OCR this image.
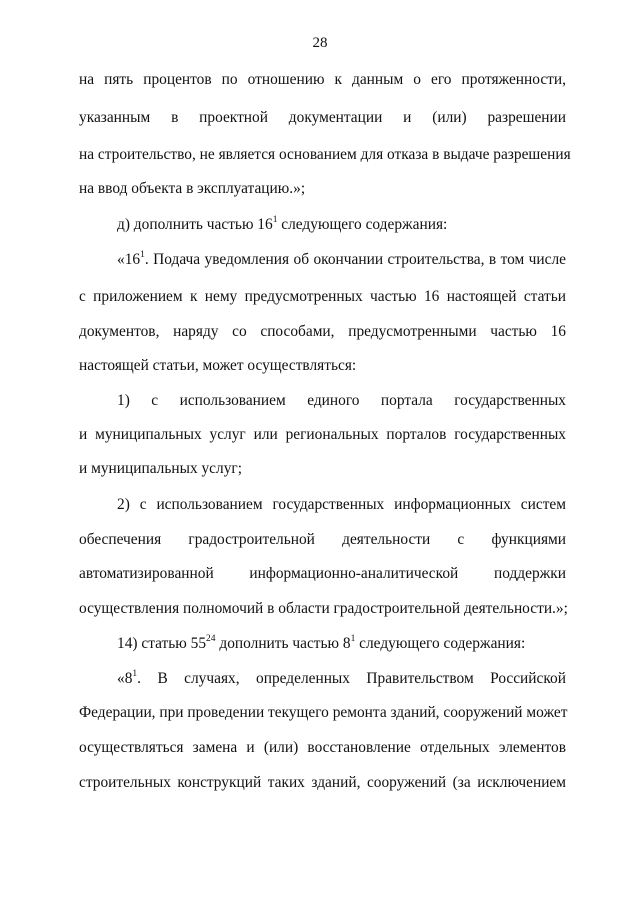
28
на пять процентов по отношению к данным о его протяженности,
указанным в проектной документации и (или) разрешении
на строительство, не является основанием для отказа в выдаче разрешения
на ввод объекта в эксплуатацию.»;
д) дополнить частью $16^1$ следующего содержания:
«$16^1$. Подача уведомления об окончании строительства, в том числе
с приложением к нему предусмотренных частью 16 настоящей статьи
документов, наряду со способами, предусмотренными частью 16
настоящей статьи, может осуществляться:
1) с использованием единого портала государственных
и муниципальных услуг или региональных порталов государственных
и муниципальных услуг;
2) с использованием государственных информационных систем
обеспечения градостроительной деятельности с функциями
автоматизированной информационно-аналитической поддержки
осуществления полномочий в области градостроительной деятельности.»;
14) статью $55^{24}$ дополнить частью $8^1$ следующего содержания:
«$8^1$. В случаях, определенных Правительством Российской
Федерации, при проведении текущего ремонта зданий, сооружений может
осуществляться замена и (или) восстановление отдельных элементов
строительных конструкций таких зданий, сооружений (за исключением
